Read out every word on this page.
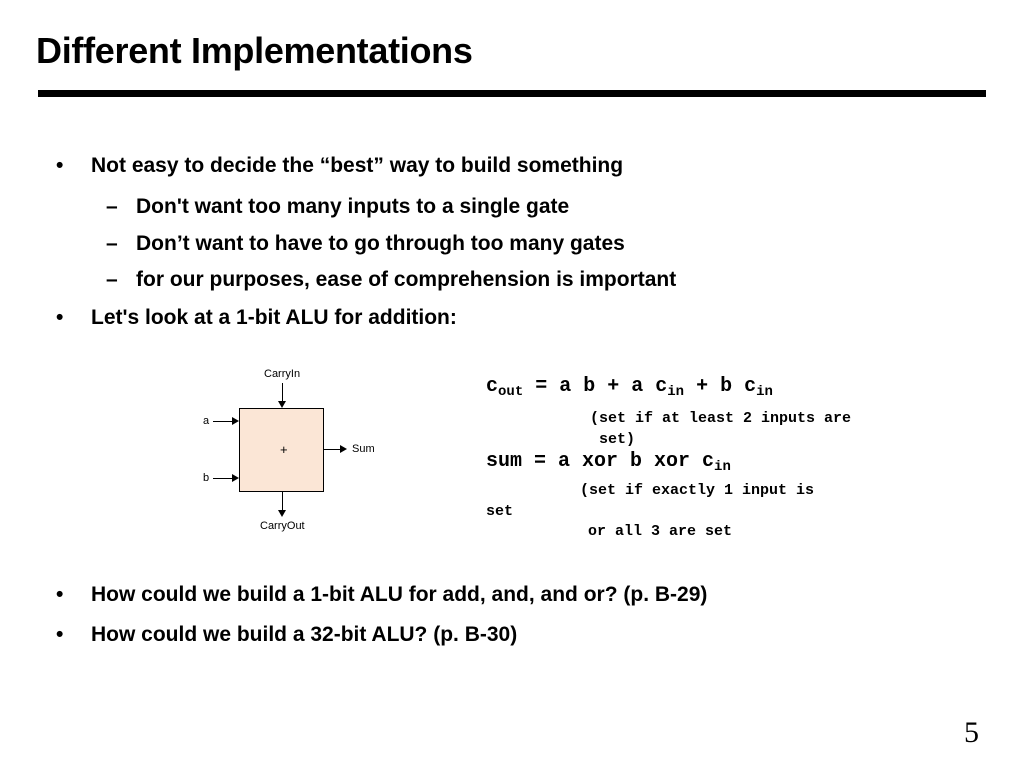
Different Implementations
• Not easy to decide the “best” way to build something
– Don't want too many inputs to a single gate
– Don’t want to have to go through too many gates
– for our purposes, ease of comprehension is important
• Let's look at a 1-bit ALU for addition:
CarryIn
a
b
+	Sum
CarryOut
$c_{out} = a$ b + a $c_{in} + b$ $c_{in}$
(set if at least 2 inputs are
set)
sum = a xor b xor $c_{in}$
(set if exactly 1 input is
set
or all 3 are set
• How could we build a 1-bit ALU for add, and, and or? (p. B-29)
• How could we build a 32-bit ALU? (p. B-30)
5
